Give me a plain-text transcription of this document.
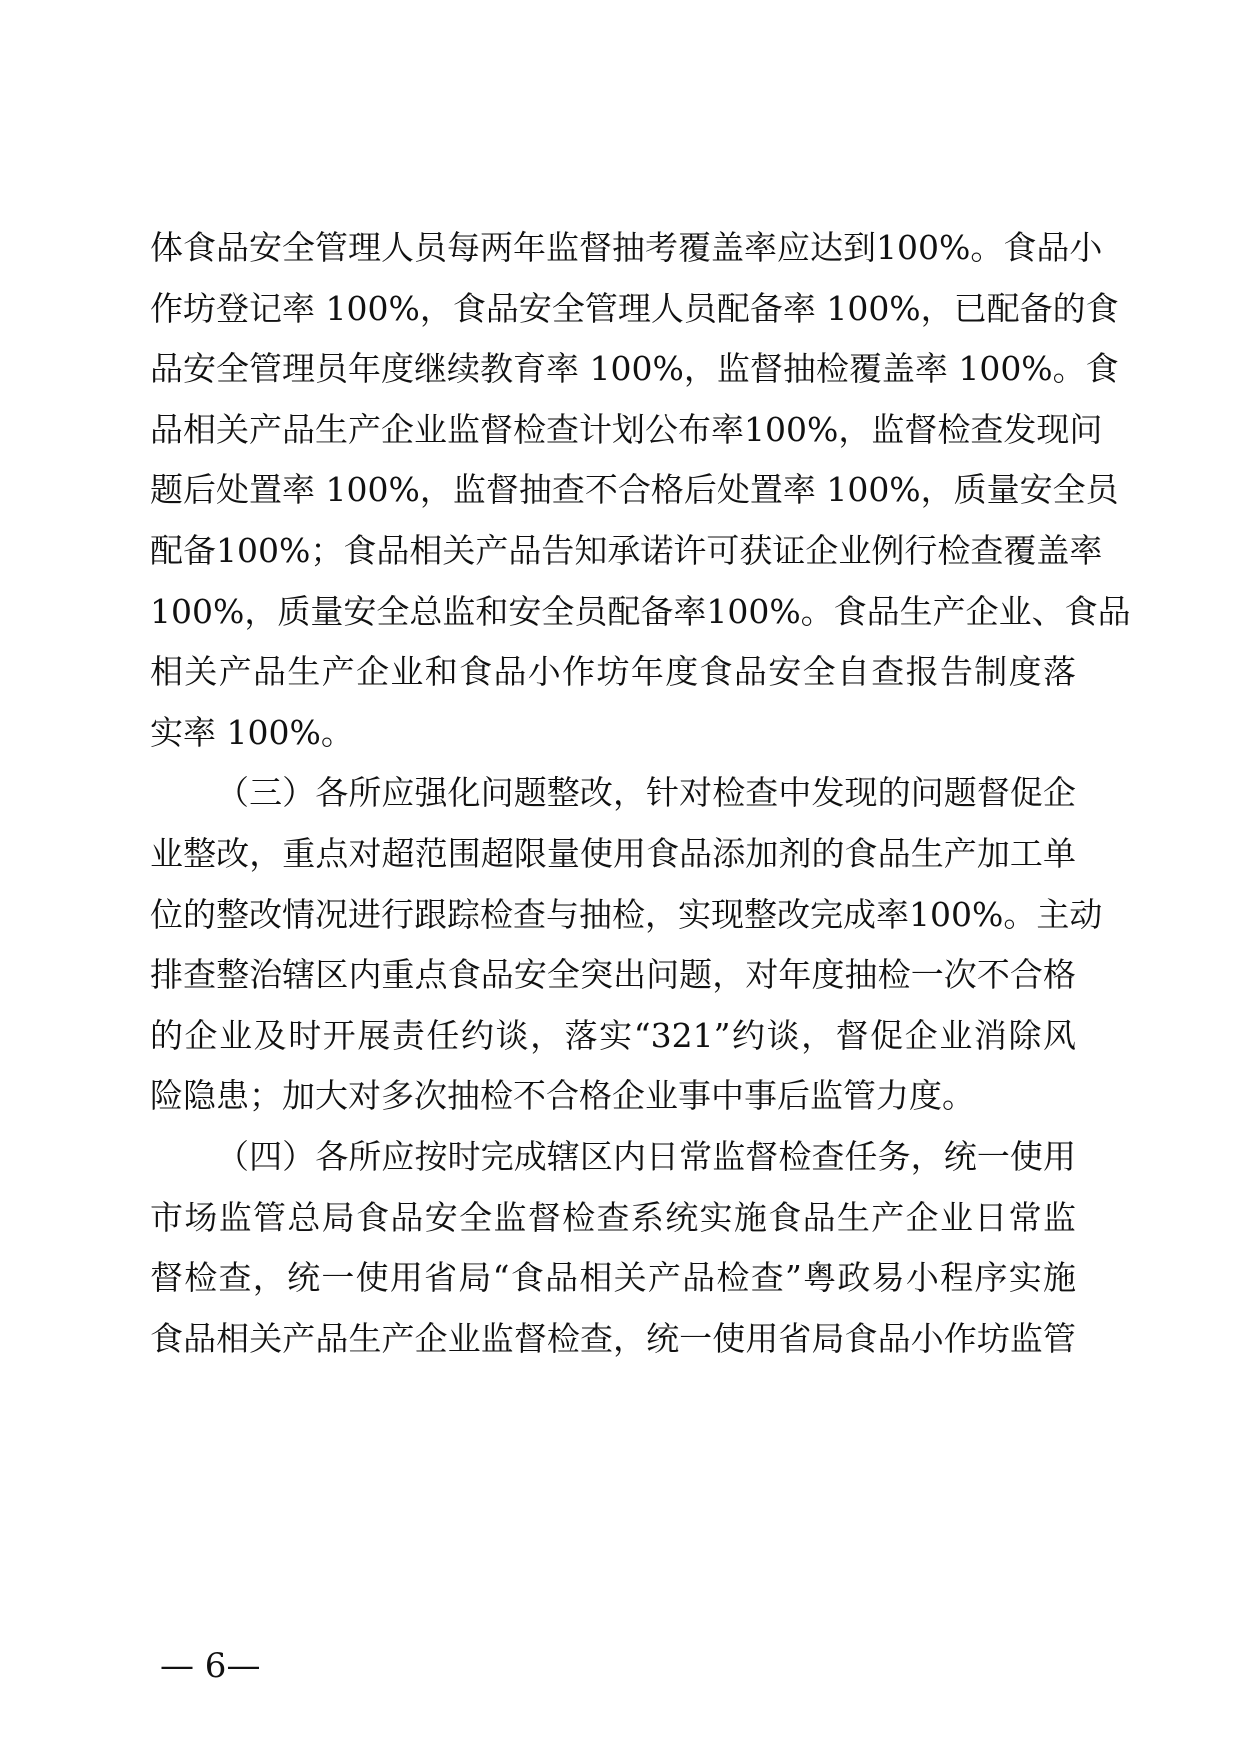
体食品安全管理人员每两年监督抽考覆盖率应达到100%。食品小
作坊登记率 100%，食品安全管理人员配备率 100%，已配备的食
品安全管理员年度继续教育率 100%，监督抽检覆盖率 100%。食
品相关产品生产企业监督检查计划公布率100%，监督检查发现问
题后处置率 100%，监督抽查不合格后处置率 100%，质量安全员
配备100%；食品相关产品告知承诺许可获证企业例行检查覆盖率
100%，质量安全总监和安全员配备率100%。食品生产企业、食品
相关产品生产企业和食品小作坊年度食品安全自查报告制度落
实率 100%。
（三）各所应强化问题整改，针对检查中发现的问题督促企
业整改，重点对超范围超限量使用食品添加剂的食品生产加工单
位的整改情况进行跟踪检查与抽检，实现整改完成率100%。主动
排查整治辖区内重点食品安全突出问题，对年度抽检一次不合格
的企业及时开展责任约谈，落实“321”约谈，督促企业消除风
险隐患；加大对多次抽检不合格企业事中事后监管力度。
（四）各所应按时完成辖区内日常监督检查任务，统一使用
市场监管总局食品安全监督检查系统实施食品生产企业日常监
督检查，统一使用省局“食品相关产品检查”粤政易小程序实施
食品相关产品生产企业监督检查，统一使用省局食品小作坊监管
— 6—
